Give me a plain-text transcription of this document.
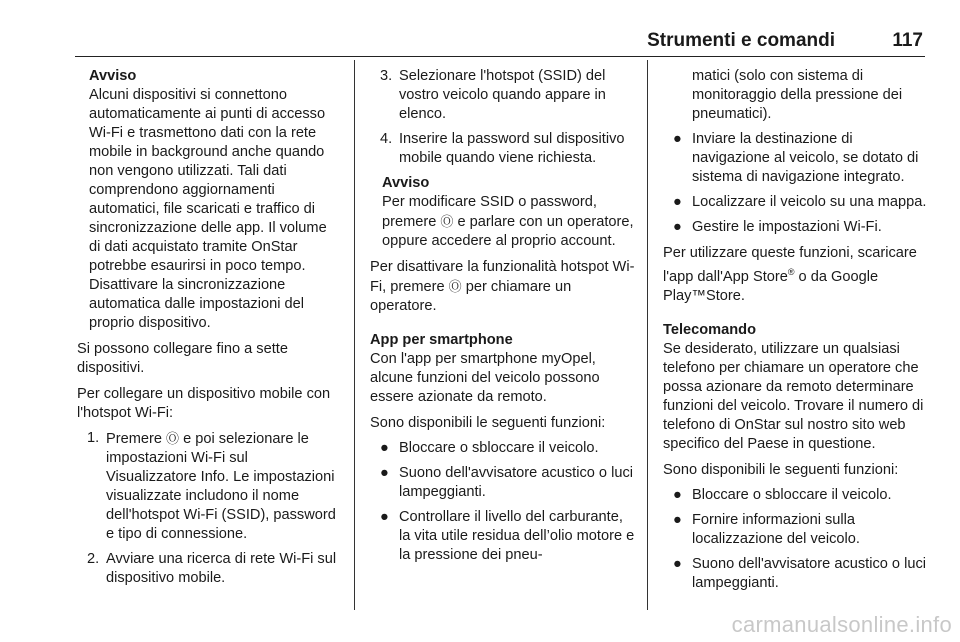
Strumenti e comandi	117
Avviso

Alcuni dispositivi si connettono automaticamente ai punti di accesso Wi-Fi e trasmettono dati con la rete mobile in background anche quando non vengono utilizzati. Tali dati comprendono aggiornamenti automatici, file scaricati e traffico di sincronizzazione delle app. Il volume di dati acquistato tramite OnStar potrebbe esaurirsi in poco tempo. Disattivare la sincronizzazione automatica dalle impostazioni del proprio dispositivo.

Si possono collegare fino a sette dispositivi.

Per collegare un dispositivo mobile con l'hotspot Wi-Fi:

1. Premere Ⓞ e poi selezionare le impostazioni Wi-Fi sul Visualizzatore Info. Le impostazioni visualizzate includono il nome dell'hotspot Wi-Fi (SSID), password e tipo di connessione.
2. Avviare una ricerca di rete Wi-Fi sul dispositivo mobile.
3. Selezionare l'hotspot (SSID) del vostro veicolo quando appare in elenco.
4. Inserire la password sul dispositivo mobile quando viene richiesta.
Avviso

Per modificare SSID o password, premere Ⓞ e parlare con un operatore, oppure accedere al proprio account.

Per disattivare la funzionalità hotspot Wi-Fi, premere Ⓞ per chiamare un operatore.

App per smartphone

Con l'app per smartphone myOpel, alcune funzioni del veicolo possono essere azionate da remoto.

Sono disponibili le seguenti funzioni:

● Bloccare o sbloccare il veicolo.
● Suono dell'avvisatore acustico o luci lampeggianti.
● Controllare il livello del carburante, la vita utile residua dell’olio motore e la pressione dei pneu-

matici (solo con sistema di monitoraggio della pressione dei pneumatici).

● Inviare la destinazione di navigazione al veicolo, se dotato di sistema di navigazione integrato.
● Localizzare il veicolo su una mappa.
● Gestire le impostazioni Wi-Fi.

Per utilizzare queste funzioni, scaricare l'app dall'App Store® o da Google Play™Store.

Telecomando

Se desiderato, utilizzare un qualsiasi telefono per chiamare un operatore che possa azionare da remoto determinare funzioni del veicolo. Trovare il numero di telefono di OnStar sul nostro sito web specifico del Paese in questione.

Sono disponibili le seguenti funzioni:

● Bloccare o sbloccare il veicolo.
● Fornire informazioni sulla localizzazione del veicolo.
● Suono dell'avvisatore acustico o luci lampeggianti.
carmanualsonline.info
